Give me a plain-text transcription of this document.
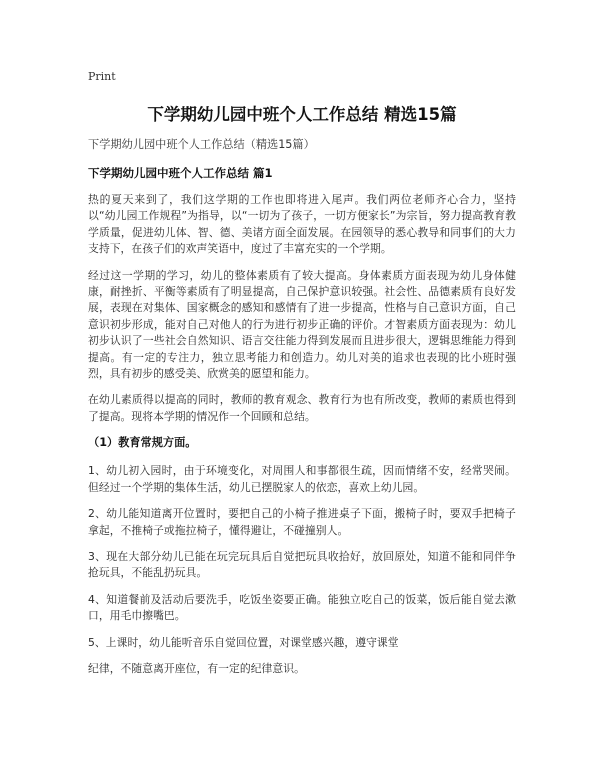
Print
下学期幼儿园中班个人工作总结 精选15篇
下学期幼儿园中班个人工作总结（精选15篇）
下学期幼儿园中班个人工作总结 篇1

热的夏天来到了，我们这学期的工作也即将进入尾声。我们两位老师齐心合力，坚持以“幼儿园工作规程”为指导，以“一切为了孩子，一切方便家长”为宗旨，努力提高教育教学质量，促进幼儿体、智、德、美诸方面全面发展。在园领导的悉心教导和同事们的大力支持下，在孩子们的欢声笑语中，度过了丰富充实的一个学期。

经过这一学期的学习，幼儿的整体素质有了较大提高。身体素质方面表现为幼儿身体健康，耐挫折、平衡等素质有了明显提高，自己保护意识较强。社会性、品德素质有良好发展，表现在对集体、国家概念的感知和感情有了进一步提高，性格与自己意识方面，自己意识初步形成，能对自己对他人的行为进行初步正确的评价。才智素质方面表现为：幼儿初步认识了一些社会自然知识、语言交往能力得到发展而且进步很大，逻辑思维能力得到提高。有一定的专注力，独立思考能力和创造力。幼儿对美的追求也表现的比小班时强烈，具有初步的感受美、欣赏美的愿望和能力。

在幼儿素质得以提高的同时，教师的教育观念、教育行为也有所改变，教师的素质也得到了提高。现将本学期的情况作一个回顾和总结。

（1）教育常规方面。

1、幼儿初入园时，由于环境变化，对周围人和事都很生疏，因而情绪不安，经常哭闹。但经过一个学期的集体生活，幼儿已摆脱家人的依恋，喜欢上幼儿园。

2、幼儿能知道离开位置时，要把自己的小椅子推进桌子下面，搬椅子时，要双手把椅子拿起，不推椅子或拖拉椅子，懂得避让，不碰撞别人。

3、现在大部分幼儿已能在玩完玩具后自觉把玩具收拾好，放回原处，知道不能和同伴争抢玩具，不能乱扔玩具。

4、知道餐前及活动后要洗手，吃饭坐姿要正确。能独立吃自己的饭菜，饭后能自觉去漱口，用毛巾擦嘴巴。

5、上课时，幼儿能听音乐自觉回位置，对课堂感兴趣，遵守课堂

纪律，不随意离开座位，有一定的纪律意识。
